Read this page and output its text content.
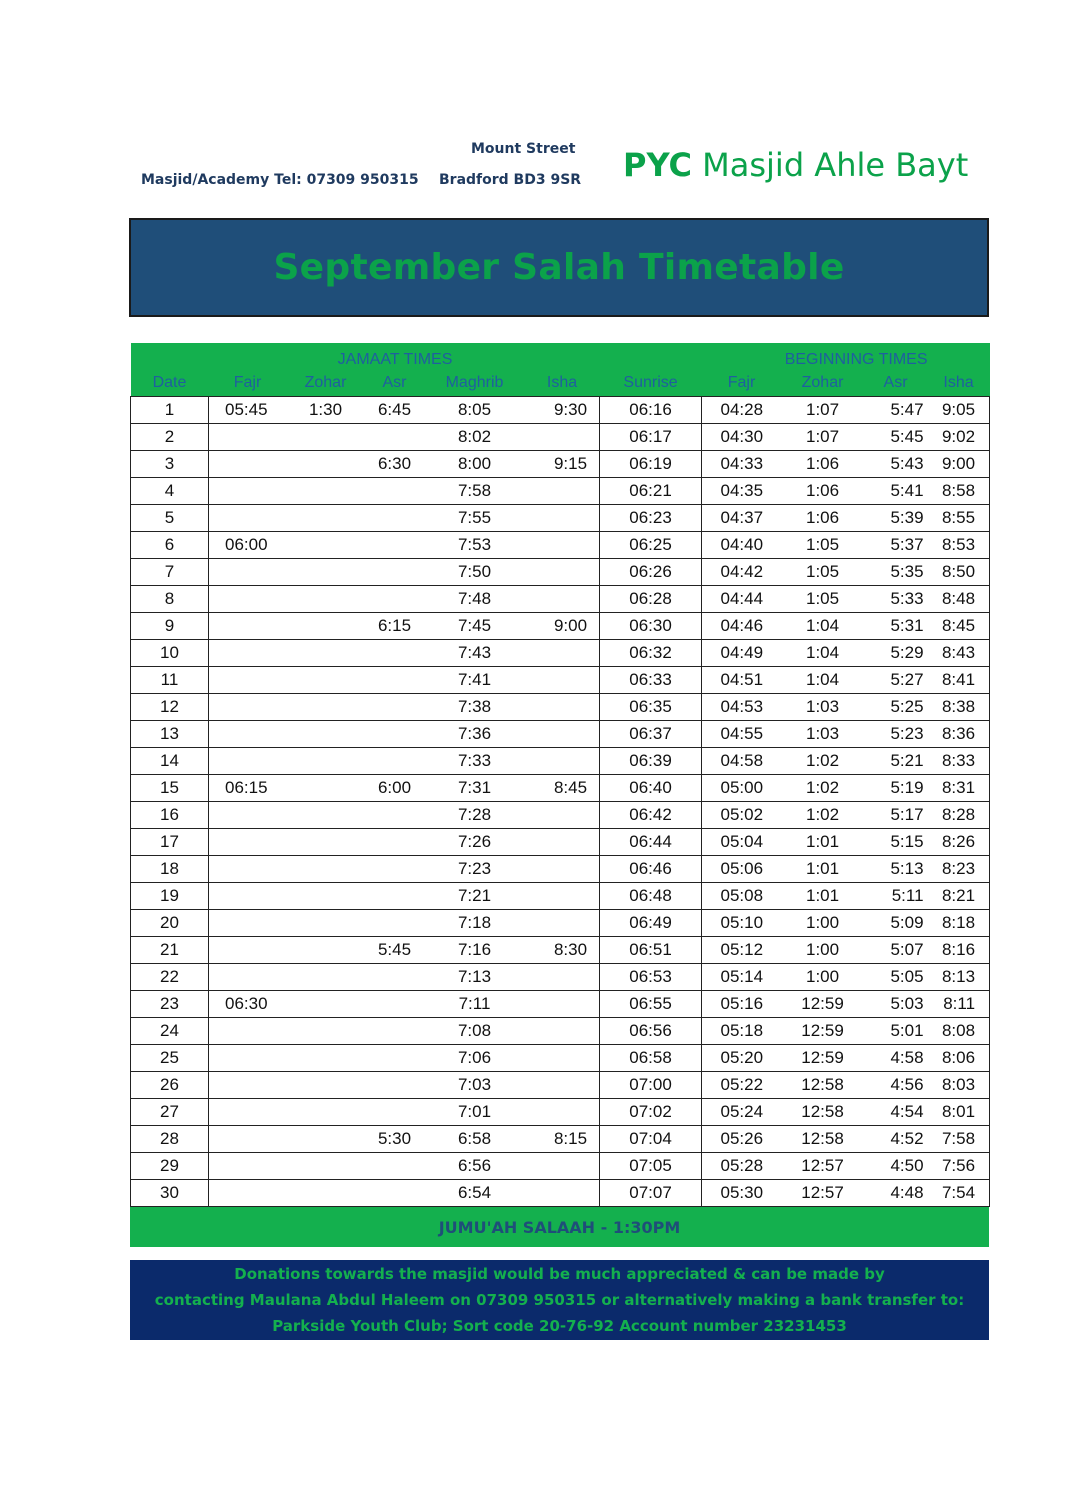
Masjid/Academy Tel: 07309 950315
Mount Street
Bradford BD3 9SR PYC Masjid Ahle Bayt
September Salah Timetable
JAMAAT TIMES						BEGINNING TIMES				
Date	Fajr	Zohar	Asr	Maghrib	Isha	Sunrise	Fajr	Zohar	Asr	Isha
1	05:45	1:30	6:45	8:05	9:30	06:16	04:28	1:07	5:47	9:05
2				8:02		06:17	04:30	1:07	5:45	9:02
3			6:30	8:00	9:15	06:19	04:33	1:06	5:43	9:00
4				7:58		06:21	04:35	1:06	5:41	8:58
5				7:55		06:23	04:37	1:06	5:39	8:55
6	06:00			7:53		06:25	04:40	1:05	5:37	8:53
7				7:50		06:26	04:42	1:05	5:35	8:50
8				7:48		06:28	04:44	1:05	5:33	8:48
9			6:15	7:45	9:00	06:30	04:46	1:04	5:31	8:45
10				7:43		06:32	04:49	1:04	5:29	8:43
11				7:41		06:33	04:51	1:04	5:27	8:41
12				7:38		06:35	04:53	1:03	5:25	8:38
13				7:36		06:37	04:55	1:03	5:23	8:36
14				7:33		06:39	04:58	1:02	5:21	8:33
15	06:15		6:00	7:31	8:45	06:40	05:00	1:02	5:19	8:31
16				7:28		06:42	05:02	1:02	5:17	8:28
17				7:26		06:44	05:04	1:01	5:15	8:26
18				7:23		06:46	05:06	1:01	5:13	8:23
19				7:21		06:48	05:08	1:01	5:11	8:21
20				7:18		06:49	05:10	1:00	5:09	8:18
21			5:45	7:16	8:30	06:51	05:12	1:00	5:07	8:16
22				7:13		06:53	05:14	1:00	5:05	8:13
23	06:30			7:11		06:55	05:16	12:59	5:03	8:11
24				7:08		06:56	05:18	12:59	5:01	8:08
25				7:06		06:58	05:20	12:59	4:58	8:06
26				7:03		07:00	05:22	12:58	4:56	8:03
27				7:01		07:02	05:24	12:58	4:54	8:01
28			5:30	6:58	8:15	07:04	05:26	12:58	4:52	7:58
29				6:56		07:05	05:28	12:57	4:50	7:56
30				6:54		07:07	05:30	12:57	4:48	7:54
JUMU'AH SALAAH - 1:30PM
Donations towards the masjid would be much appreciated & can be made by
contacting Maulana Abdul Haleem on 07309 950315 or alternatively making a bank transfer to:
Parkside Youth Club; Sort code 20-76-92 Account number 23231453
